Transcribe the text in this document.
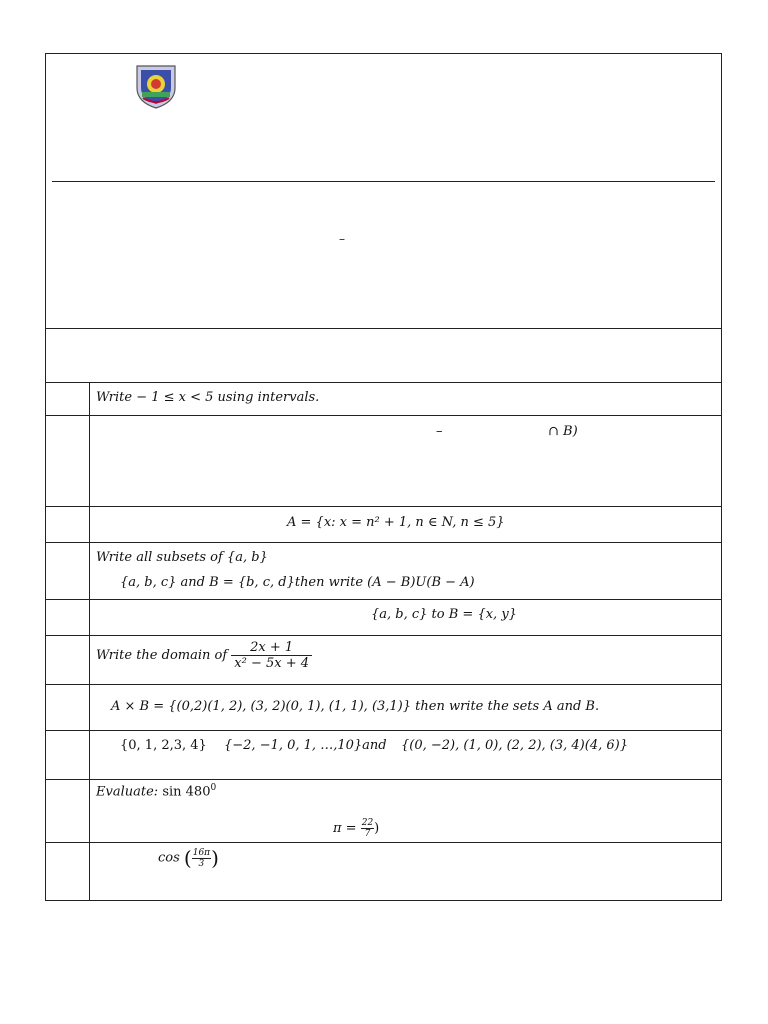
–
Write − 1 ≤ x < 5 using intervals.
–	∩ B)
A = {x: x = n² + 1, n ∈ N, n ≤ 5}
Write all subsets of {a, b}
{a, b, c} and B = {b, c, d}then write (A − B)U(B − A)
{a, b, c} to B = {x, y}
Write the domain of $\frac{2x + 1}{\text{x² − 5x + 4}}$
A × B = {(0,2)(1, 2), (3, 2)(0, 1), (1, 1), (3,1)} then write the sets A and B.
{0, 1, 2,3, 4} {−2, −1, 0, 1, …,10}and {(0, −2), (1, 0), (2, 2), (3, 4)(4, 6)}
Evaluate: $\sin 480^0$
$\pi = \frac{22}{7}$ )
cos ( $\frac{16\pi}{3}$ )
